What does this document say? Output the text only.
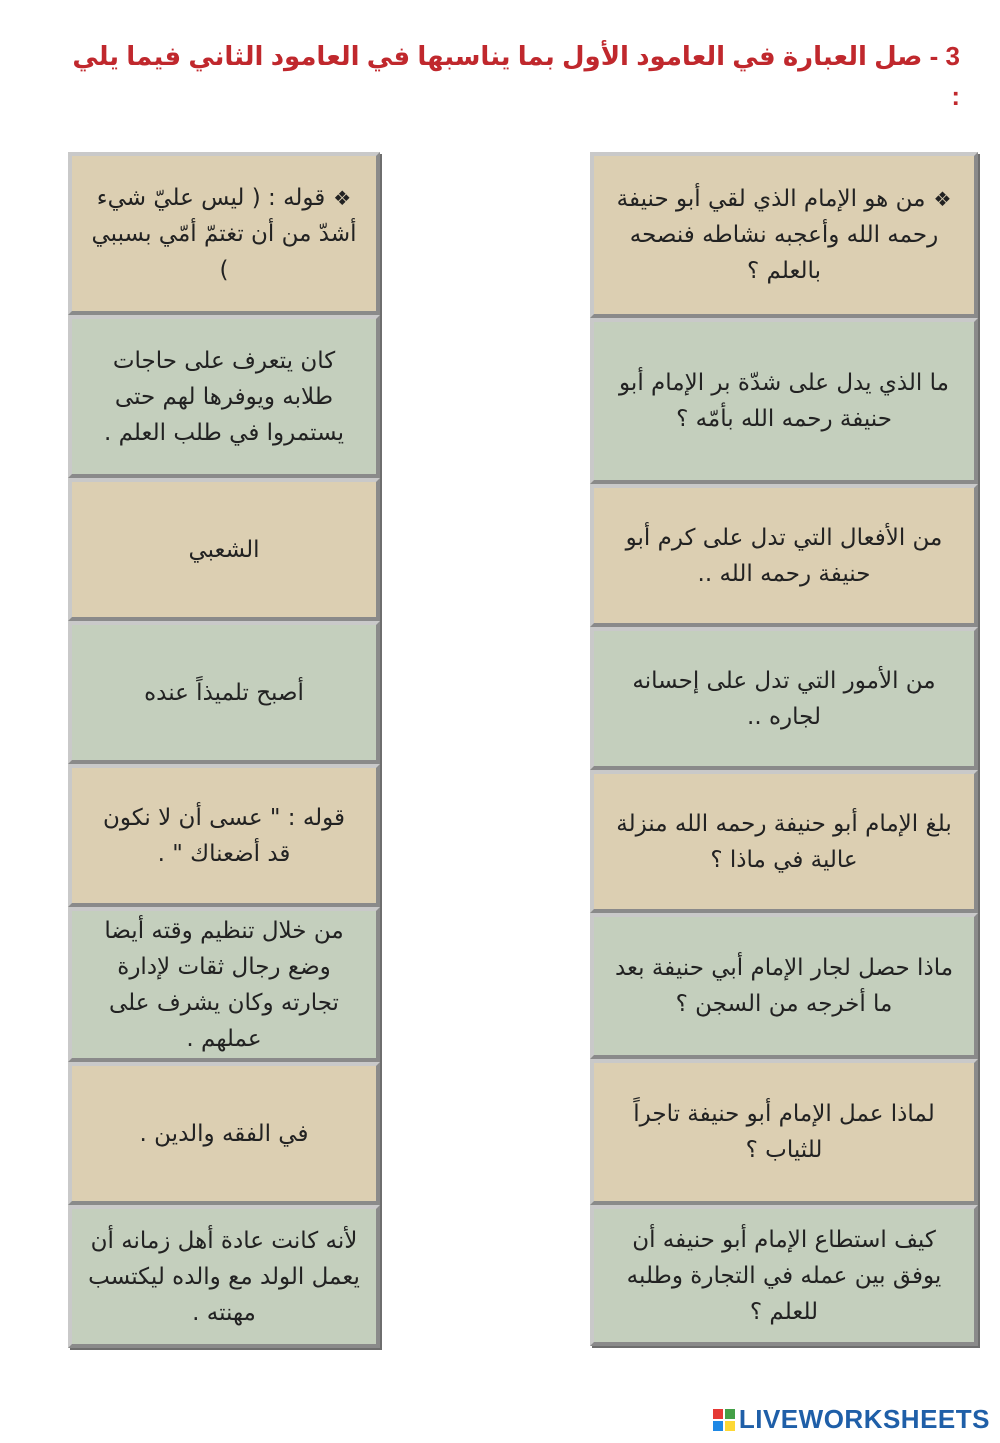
3 - صل العبارة في العامود الأول بما يناسبها في العامود الثاني فيما يلي :
❖من هو الإمام الذي لقي أبو حنيفة رحمه الله وأعجبه نشاطه فنصحه بالعلم ؟
ما الذي يدل على شدّة بر الإمام أبو حنيفة رحمه الله بأمّه ؟
من الأفعال التي تدل على كرم أبو حنيفة رحمه الله ..
من الأمور التي تدل على إحسانه لجاره ..
بلغ الإمام أبو حنيفة رحمه الله منزلة عالية في ماذا ؟
ماذا حصل لجار الإمام أبي حنيفة بعد ما أخرجه من السجن ؟
لماذا عمل الإمام أبو حنيفة تاجراً للثياب ؟
كيف استطاع الإمام أبو حنيفه أن يوفق بين عمله في التجارة وطلبه للعلم ؟
❖قوله : ( ليس عليّ شيء أشدّ من أن تغتمّ أمّي بسببي )
كان يتعرف على حاجات طلابه ويوفرها لهم حتى يستمروا في طلب العلم .
الشعبي
أصبح تلميذاً عنده
قوله : " عسى أن لا نكون قد أضعناك " .
من خلال تنظيم وقته أيضا وضع رجال ثقات لإدارة تجارته وكان يشرف على عملهم .
في الفقه والدين .
لأنه كانت عادة أهل زمانه أن يعمل الولد مع والده ليكتسب مهنته .
LIVEWORKSHEETS
